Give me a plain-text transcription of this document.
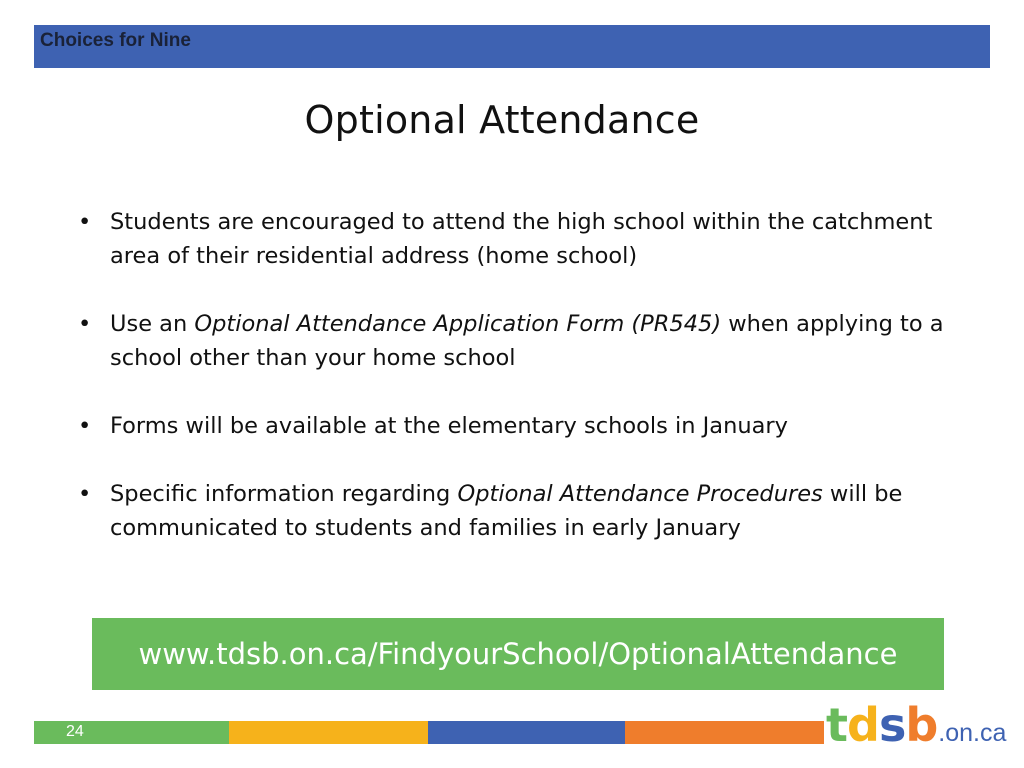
Choices for Nine
Optional Attendance
• Students are encouraged to attend the high school within the catchment area of their residential address (home school)
• Use an Optional Attendance Application Form (PR545) when applying to a school other than your home school
• Forms will be available at the elementary schools in January
• Specific information regarding Optional Attendance Procedures will be communicated to students and families in early January
www.tdsb.on.ca/FindyourSchool/OptionalAttendance
24	t d s b .on.ca
